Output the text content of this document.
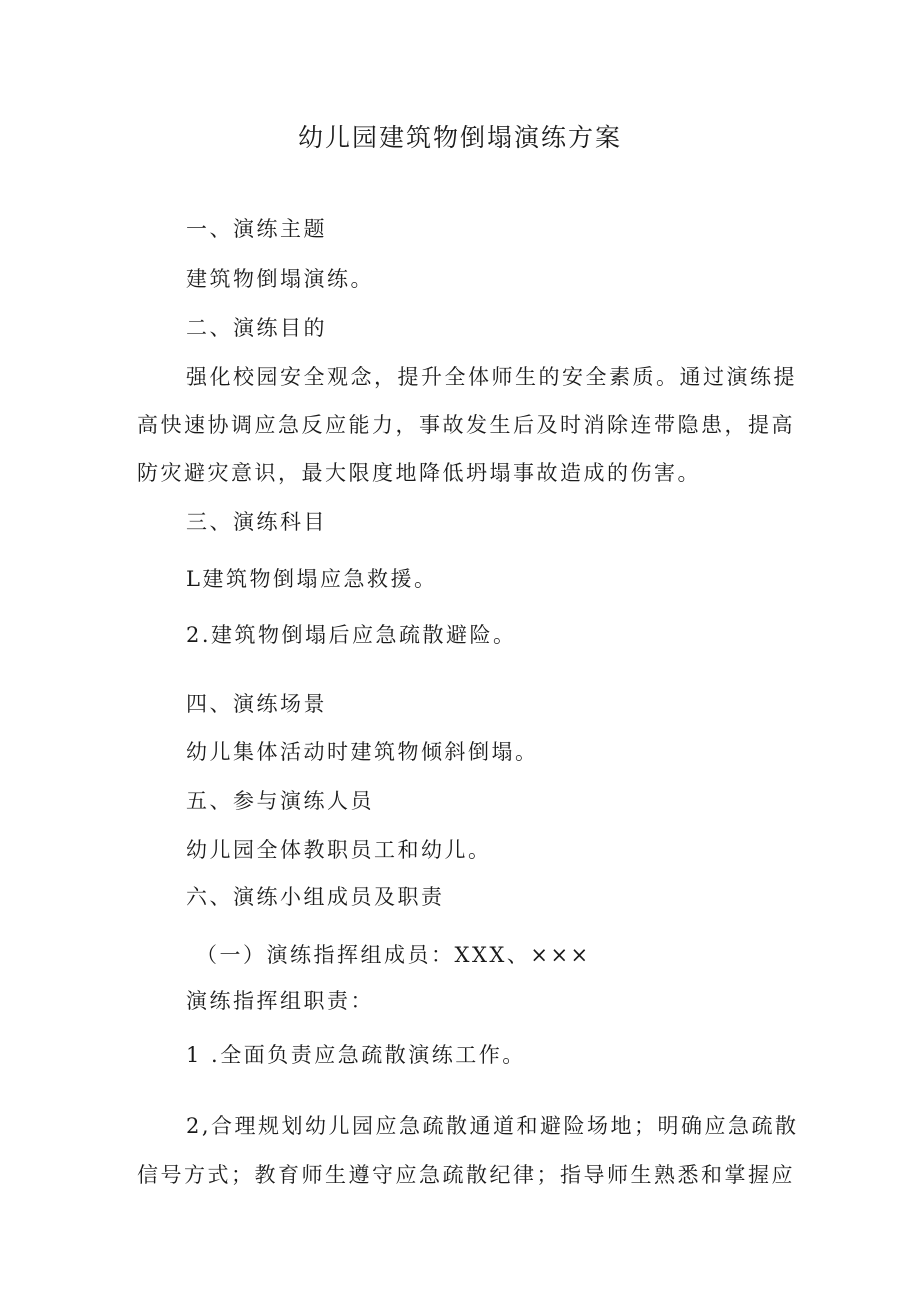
幼儿园建筑物倒塌演练方案
一、演练主题
建筑物倒塌演练。
二、演练目的
强化校园安全观念，提升全体师生的安全素质。通过演练提
高快速协调应急反应能力，事故发生后及时消除连带隐患，提高
防灾避灾意识，最大限度地降低坍塌事故造成的伤害。
三、演练科目
L建筑物倒塌应急救援。
2.建筑物倒塌后应急疏散避险。
四、演练场景
幼儿集体活动时建筑物倾斜倒塌。
五、参与演练人员
幼儿园全体教职员工和幼儿。
六、演练小组成员及职责
（一）演练指挥组成员：XXX、×××
演练指挥组职责：
1 .全面负责应急疏散演练工作。
2,合理规划幼儿园应急疏散通道和避险场地；明确应急疏散
信号方式；教育师生遵守应急疏散纪律；指导师生熟悉和掌握应
